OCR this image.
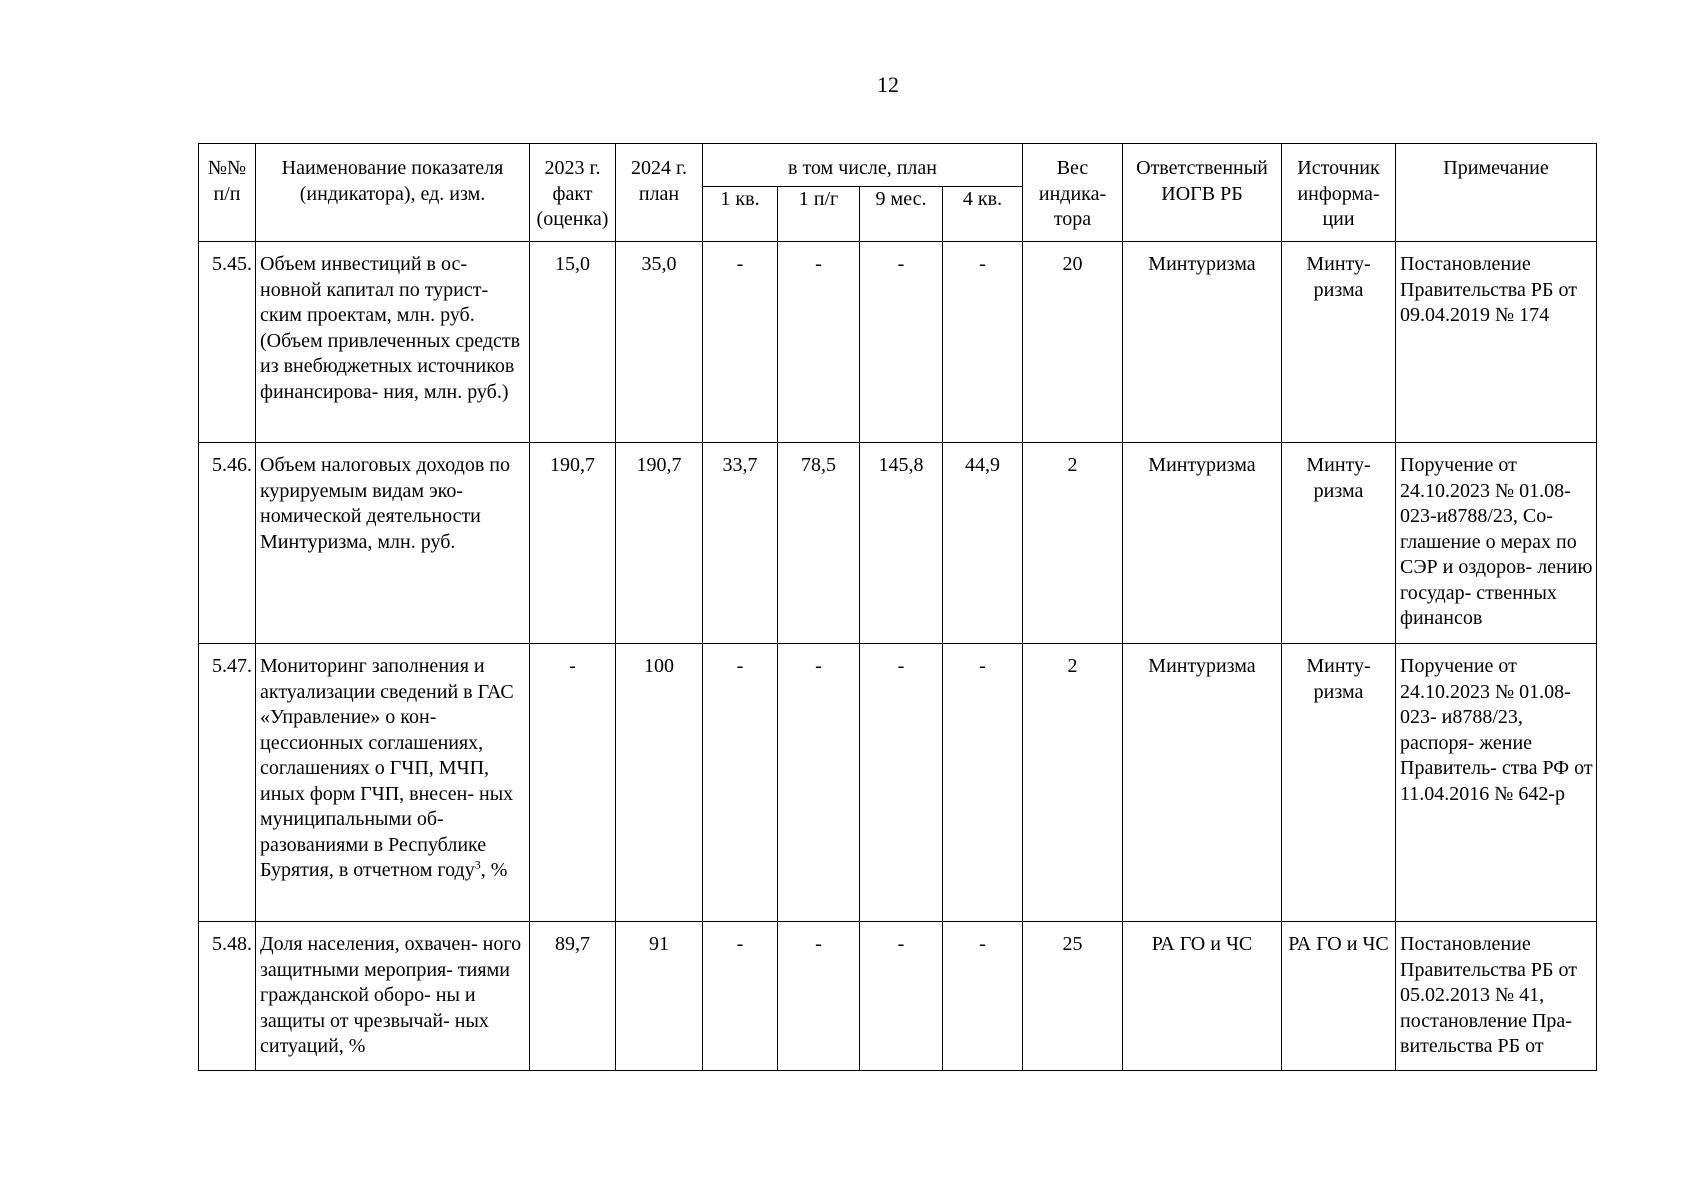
12
№№ п/п	Наименование показателя (индикатора), ед. изм.	2023 г. факт (оценка)	2024 г. план	в том числе, план				Вес индика- тора	Ответственный ИОГВ РБ	Источник информа- ции	Примечание
				1 кв.	1 п/г	9 мес.	4 кв.				
5.45.	Объем инвестиций в ос- новной капитал по турист- ским проектам, млн. руб. (Объем привлеченных средств из внебюджетных источников финансирова- ния, млн. руб.)	15,0	35,0	-	-	-	-	20	Минтуризма	Минту- ризма	Постановление Правительства РБ от 09.04.2019 № 174
5.46.	Объем налоговых доходов по курируемым видам эко- номической деятельности Минтуризма, млн. руб.	190,7	190,7	33,7	78,5	145,8	44,9	2	Минтуризма	Минту- ризма	Поручение от 24.10.2023 № 01.08-023-и8788/23, Со- глашение о мерах по СЭР и оздоров- лению государ- ственных финансов
5.47.	Мониторинг заполнения и актуализации сведений в ГАС «Управление» о кон- цессионных соглашениях, соглашениях о ГЧП, МЧП, иных форм ГЧП, внесен- ных муниципальными об- разованиями в Республике Бурятия, в отчетном году$^3$, %	-	100	-	-	-	-	2	Минтуризма	Минту- ризма	Поручение от 24.10.2023 № 01.08-023- и8788/23, распоря- жение Правитель- ства РФ от 11.04.2016 № 642-р
5.48.	Доля населения, охвачен- ного защитными мероприя- тиями гражданской оборо- ны и защиты от чрезвычай- ных ситуаций, %	89,7	91	-	-	-	-	25	РА ГО и ЧС	РА ГО и ЧС	Постановление Правительства РБ от 05.02.2013 № 41, постановление Пра- вительства РБ от
